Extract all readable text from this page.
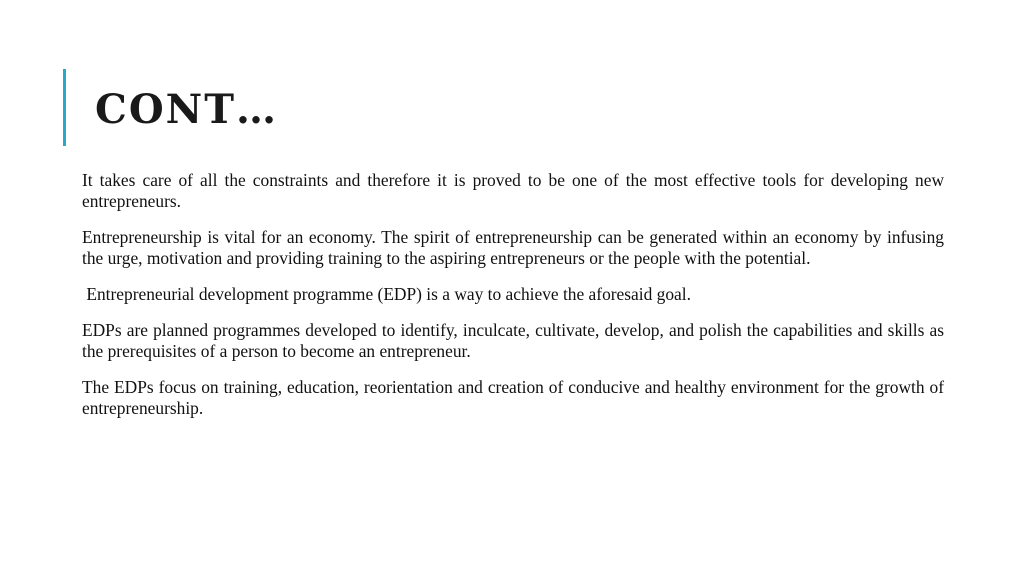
CONT…

It takes care of all the constraints and therefore it is proved to be one of the most effective tools for developing new entrepreneurs.

Entrepreneurship is vital for an economy. The spirit of entrepreneurship can be generated within an economy by infusing the urge, motivation and providing training to the aspiring entrepreneurs or the people with the potential.

Entrepreneurial development programme (EDP) is a way to achieve the aforesaid goal.

EDPs are planned programmes developed to identify, inculcate, cultivate, develop, and polish the capabilities and skills as the prerequisites of a person to become an entrepreneur.

The EDPs focus on training, education, reorientation and creation of conducive and healthy environment for the growth of entrepreneurship.
